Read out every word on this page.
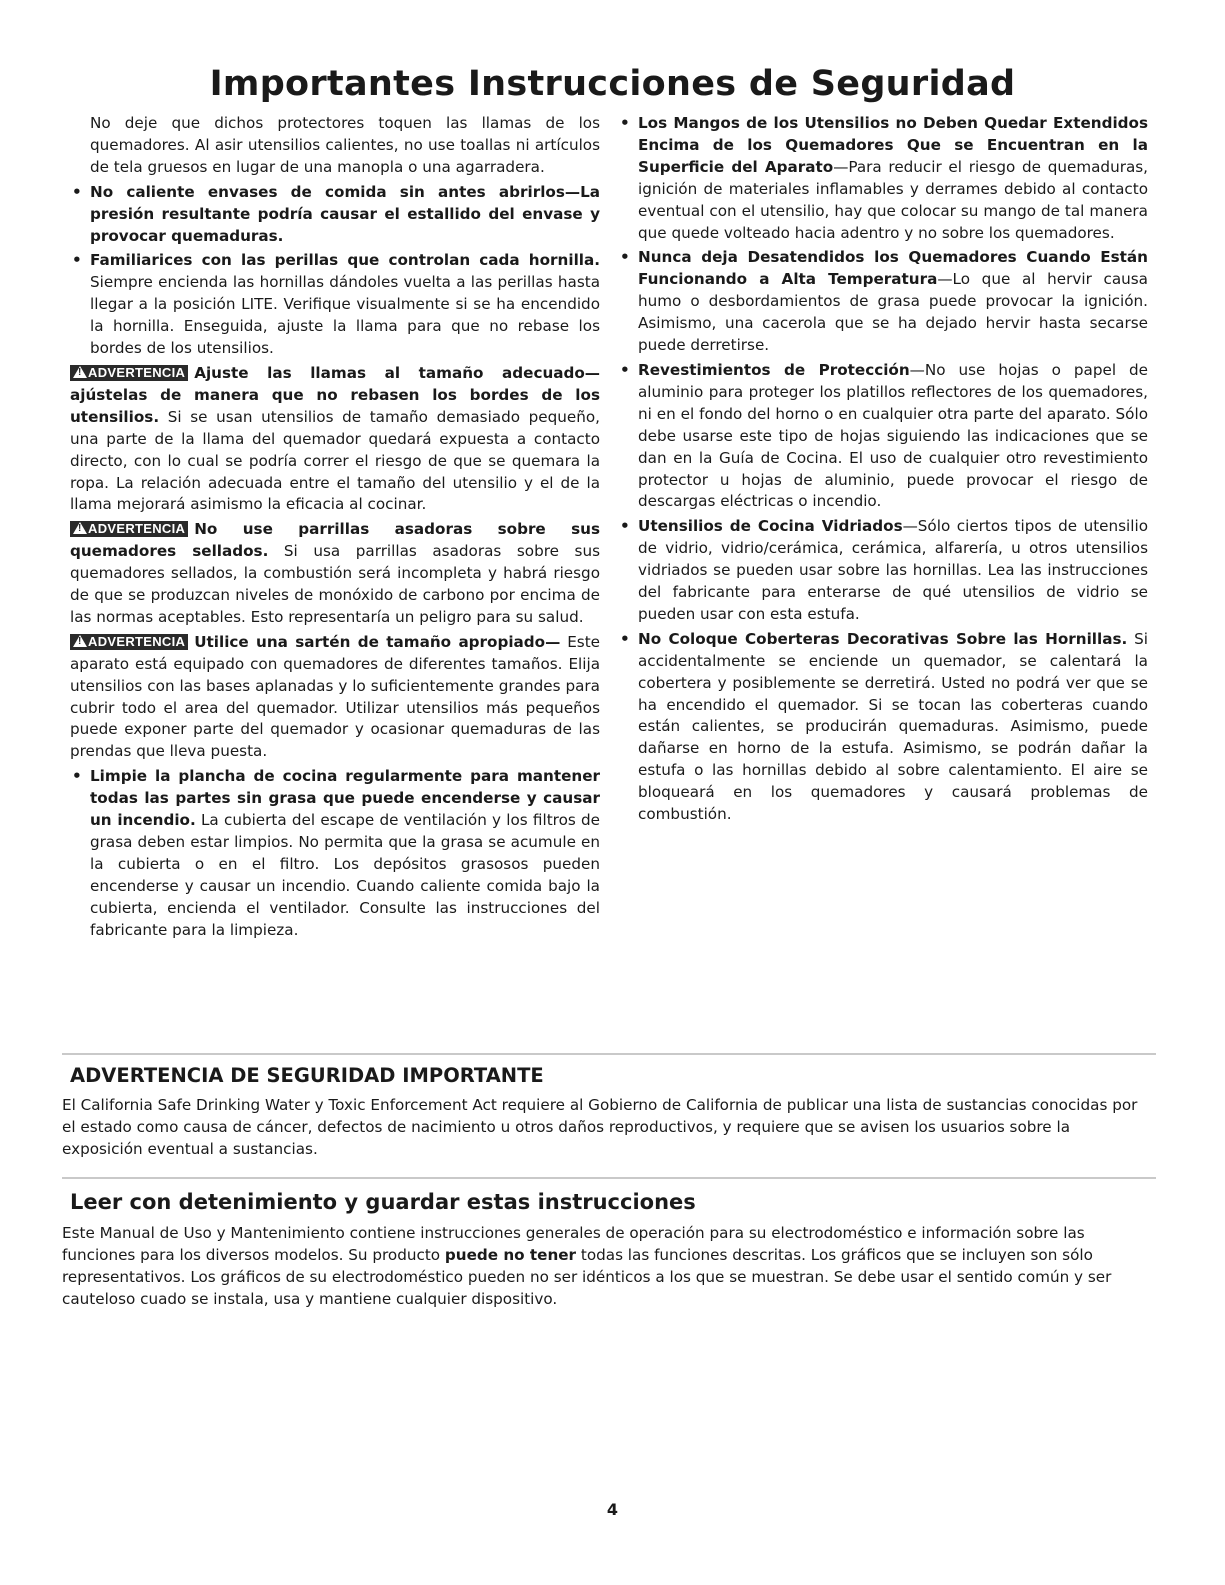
Importantes Instrucciones de Seguridad

No deje que dichos protectores toquen las llamas de los quemadores. Al asir utensilios calientes, no use toallas ni artículos de tela gruesos en lugar de una manopla o una agarradera.

• No caliente envases de comida sin antes abrirlos—La presión resultante podría causar el estallido del envase y provocar quemaduras.
• Familiarices con las perillas que controlan cada hornilla. Siempre encienda las hornillas dándoles vuelta a las perillas hasta llegar a la posición LITE. Verifique visualmente si se ha encendido la hornilla. Enseguida, ajuste la llama para que no rebase los bordes de los utensilios.

! ADVERTENCIA Ajuste las llamas al tamaño adecuado—ajústelas de manera que no rebasen los bordes de los utensilios. Si se usan utensilios de tamaño demasiado pequeño, una parte de la llama del quemador quedará expuesta a contacto directo, con lo cual se podría correr el riesgo de que se quemara la ropa. La relación adecuada entre el tamaño del utensilio y el de la llama mejorará asimismo la eficacia al cocinar.

! ADVERTENCIA No use parrillas asadoras sobre sus quemadores sellados. Si usa parrillas asadoras sobre sus quemadores sellados, la combustión será incompleta y habrá riesgo de que se produzcan niveles de monóxido de carbono por encima de las normas aceptables. Esto representaría un peligro para su salud.

! ADVERTENCIA Utilice una sartén de tamaño apropiado— Este aparato está equipado con quemadores de diferentes tamaños. Elija utensilios con las bases aplanadas y lo suficientemente grandes para cubrir todo el area del quemador. Utilizar utensilios más pequeños puede exponer parte del quemador y ocasionar quemaduras de las prendas que lleva puesta.

• Limpie la plancha de cocina regularmente para mantener todas las partes sin grasa que puede encenderse y causar un incendio. La cubierta del escape de ventilación y los filtros de grasa deben estar limpios. No permita que la grasa se acumule en la cubierta o en el filtro. Los depósitos grasosos pueden encenderse y causar un incendio. Cuando caliente comida bajo la cubierta, encienda el ventilador. Consulte las instrucciones del fabricante para la limpieza.
• Los Mangos de los Utensilios no Deben Quedar Extendidos Encima de los Quemadores Que se Encuentran en la Superficie del Aparato—Para reducir el riesgo de quemaduras, ignición de materiales inflamables y derrames debido al contacto eventual con el utensilio, hay que colocar su mango de tal manera que quede volteado hacia adentro y no sobre los quemadores.
• Nunca deja Desatendidos los Quemadores Cuando Están Funcionando a Alta Temperatura—Lo que al hervir causa humo o desbordamientos de grasa puede provocar la ignición. Asimismo, una cacerola que se ha dejado hervir hasta secarse puede derretirse.
• Revestimientos de Protección—No use hojas o papel de aluminio para proteger los platillos reflectores de los quemadores, ni en el fondo del horno o en cualquier otra parte del aparato. Sólo debe usarse este tipo de hojas siguiendo las indicaciones que se dan en la Guía de Cocina. El uso de cualquier otro revestimiento protector u hojas de aluminio, puede provocar el riesgo de descargas eléctricas o incendio.
• Utensilios de Cocina Vidriados—Sólo ciertos tipos de utensilio de vidrio, vidrio/cerámica, cerámica, alfarería, u otros utensilios vidriados se pueden usar sobre las hornillas. Lea las instrucciones del fabricante para enterarse de qué utensilios de vidrio se pueden usar con esta estufa.
• No Coloque Coberteras Decorativas Sobre las Hornillas. Si accidentalmente se enciende un quemador, se calentará la cobertera y posiblemente se derretirá. Usted no podrá ver que se ha encendido el quemador. Si se tocan las coberteras cuando están calientes, se producirán quemaduras. Asimismo, puede dañarse en horno de la estufa. Asimismo, se podrán dañar la estufa o las hornillas debido al sobre calentamiento. El aire se bloqueará en los quemadores y causará problemas de combustión.
ADVERTENCIA DE SEGURIDAD IMPORTANTE

El California Safe Drinking Water y Toxic Enforcement Act requiere al Gobierno de California de publicar una lista de sustancias conocidas por el estado como causa de cáncer, defectos de nacimiento u otros daños reproductivos, y requiere que se avisen los usuarios sobre la exposición eventual a sustancias.

Leer con detenimiento y guardar estas instrucciones

Este Manual de Uso y Mantenimiento contiene instrucciones generales de operación para su electrodoméstico e información sobre las funciones para los diversos modelos. Su producto puede no tener todas las funciones descritas. Los gráficos que se incluyen son sólo representativos. Los gráficos de su electrodoméstico pueden no ser idénticos a los que se muestran. Se debe usar el sentido común y ser cauteloso cuado se instala, usa y mantiene cualquier dispositivo.

4
